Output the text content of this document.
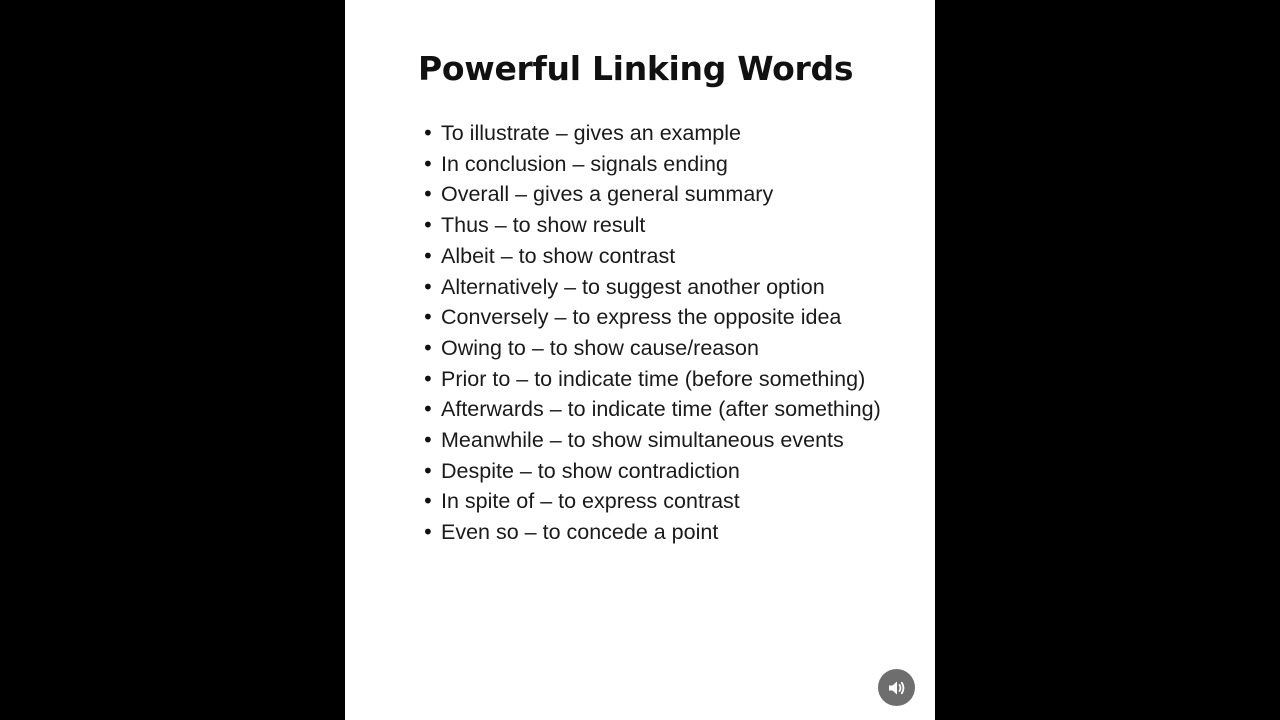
Powerful Linking Words
• To illustrate – gives an example
• In conclusion – signals ending
• Overall – gives a general summary
• Thus – to show result
• Albeit – to show contrast
• Alternatively – to suggest another option
• Conversely – to express the opposite idea
• Owing to – to show cause/reason
• Prior to – to indicate time (before something)
• Afterwards – to indicate time (after something)
• Meanwhile – to show simultaneous events
• Despite – to show contradiction
• In spite of – to express contrast
• Even so – to concede a point
